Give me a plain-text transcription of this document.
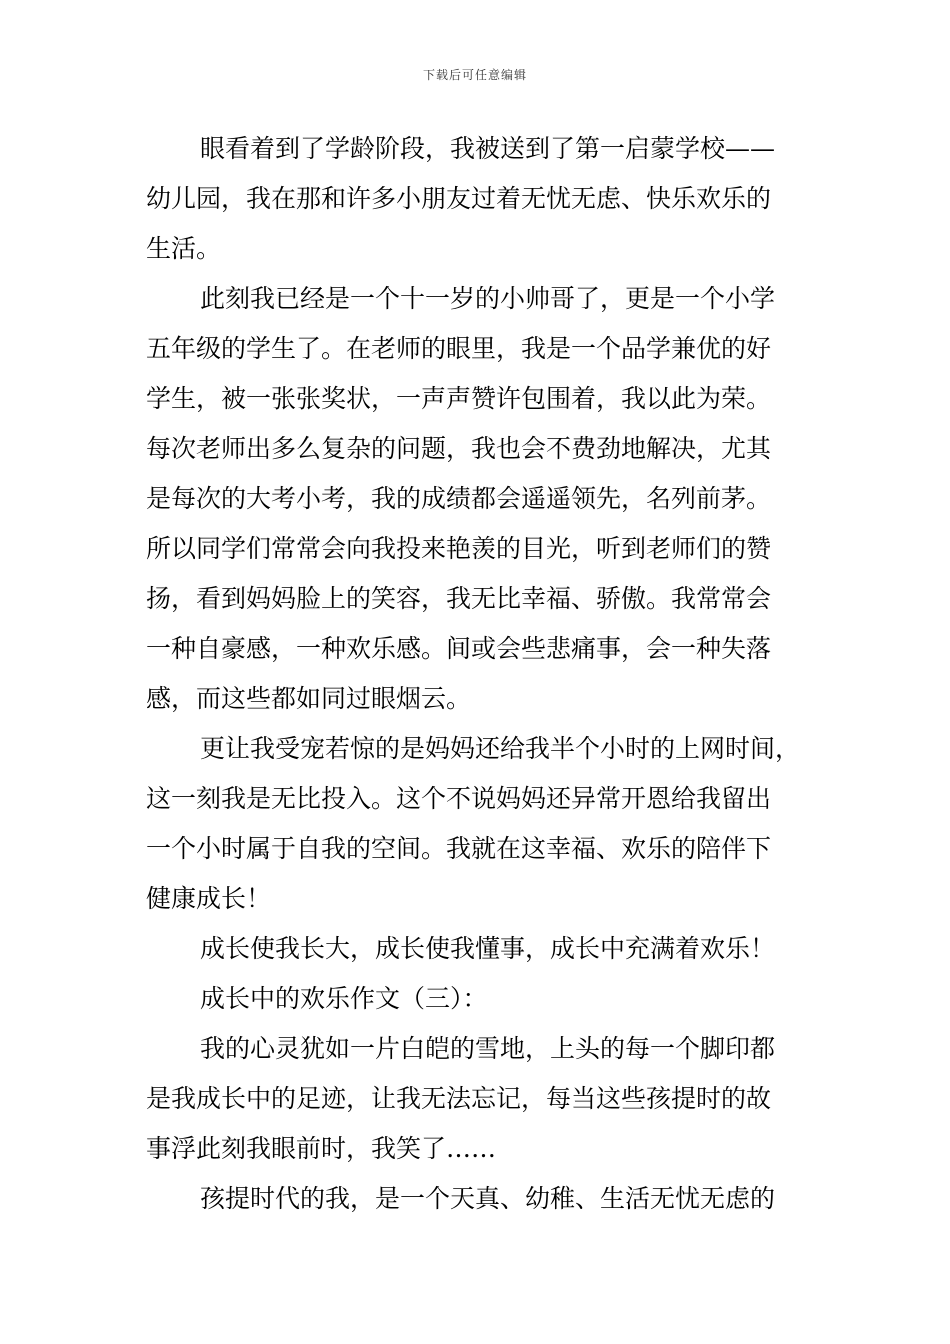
下载后可任意编辑
眼看着到了学龄阶段，我被送到了第一启蒙学校——
幼儿园，我在那和许多小朋友过着无忧无虑、快乐欢乐的
生活。
此刻我已经是一个十一岁的小帅哥了，更是一个小学
五年级的学生了。在老师的眼里，我是一个品学兼优的好
学生，被一张张奖状，一声声赞许包围着，我以此为荣。
每次老师出多么复杂的问题，我也会不费劲地解决，尤其
是每次的大考小考，我的成绩都会遥遥领先，名列前茅。
所以同学们常常会向我投来艳羡的目光，听到老师们的赞
扬，看到妈妈脸上的笑容，我无比幸福、骄傲。我常常会
一种自豪感，一种欢乐感。间或会些悲痛事，会一种失落
感，而这些都如同过眼烟云。
更让我受宠若惊的是妈妈还给我半个小时的上网时间，
这一刻我是无比投入。这个不说妈妈还异常开恩给我留出
一个小时属于自我的空间。我就在这幸福、欢乐的陪伴下
健康成长！
成长使我长大，成长使我懂事，成长中充满着欢乐！
成长中的欢乐作文（三）：
我的心灵犹如一片白皑的雪地，上头的每一个脚印都
是我成长中的足迹，让我无法忘记，每当这些孩提时的故
事浮此刻我眼前时，我笑了……
孩提时代的我，是一个天真、幼稚、生活无忧无虑的
